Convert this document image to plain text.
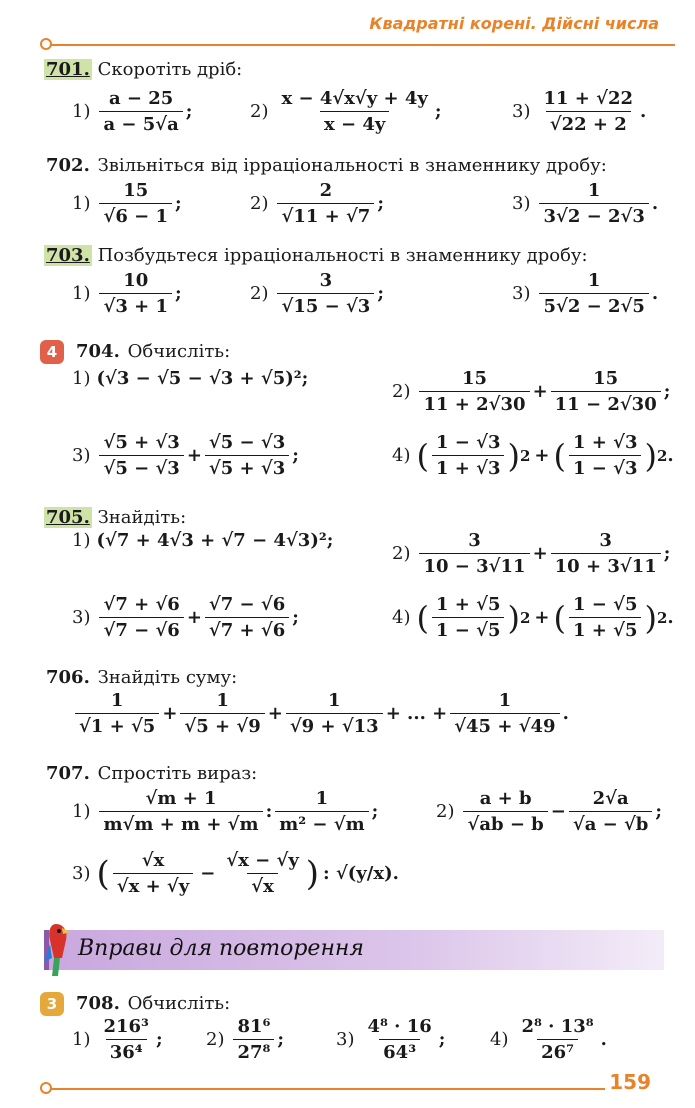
Квадратні корені. Дійсні числа
701. Скоротіть дріб:
$1) \frac{a - 25}{a - 5√a}$ ;	$2) \frac{x - 4√x√y + 4y}{x - 4y}$ ;	$3) \frac{11 + √22}{√22 + 2}$ .
702. Звільніться від ірраціональності в знаменнику дробу:
$1) \frac{15}{√6 - 1}$ ;	$2) \frac{2}{√11 + √7}$ ;	$3) \frac{1}{3√2 - 2√3}$ .
703. Позбудьтеся ірраціональності в знаменнику дробу:
$1) \frac{10}{√3 + 1}$ ;	$2) \frac{3}{√15 - √3}$ ;	$3) \frac{1}{5√2 - 2√5}$ .
4	704. Обчисліть:
1) (√3 − √5 − √3 + √5)²;
$2) \frac{15}{11 + 2√30} + \frac{15}{11 - 2√30}$ ;
$3) \frac{√5 + √3}{√5 - √3} + \frac{√5 - √3}{√5 + √3}$ ;	4) ( $\frac{1 - √3}{1 + √3}$ ) 2 + ( $\frac{1 + √3}{1 - √3}$ ) 2 .
705. Знайдіть:
1) (√7 + 4√3 + √7 − 4√3)²;
$2) \frac{3}{10 - 3√11} + \frac{3}{10 + 3√11}$ ;
$3) \frac{√7 + √6}{√7 - √6} + \frac{√7 - √6}{√7 + √6}$ ;	4) ( $\frac{1 + √5}{1 - √5}$ ) 2 + ( $\frac{1 - √5}{1 + √5}$ ) 2 .
706. Знайдіть суму:
$\frac{1}{√1 + √5} + \frac{1}{√5 + √9} + \frac{1}{√9 + √13}$ + ... + $\frac{1}{√45 + √49}$ .
707. Спростіть вираз:
$1) \frac{√m + 1}{m√m + m + √m}$ : $\frac{1}{\text{m² − √m}}$ ;	$2) \frac{a + b}{√ab - b} - \frac{2√a}{√a - √b}$ ;
3) ( $\frac{√x}{√x + √y} - \frac{√x - √y}{√x}$ ) : √(y/x).
Вправи для повторення
3	708. Обчисліть:
$1) \frac{\text{216³}}{\text{36⁴}}$ ; $2) \frac{\text{81⁶}}{\text{27⁸}}$ ;	$3) \frac{\text{4⁸ · 16}}{\text{64³}}$ ; $4) \frac{\text{2⁸ · 13⁸}}{\text{26⁷}}$ .
159
